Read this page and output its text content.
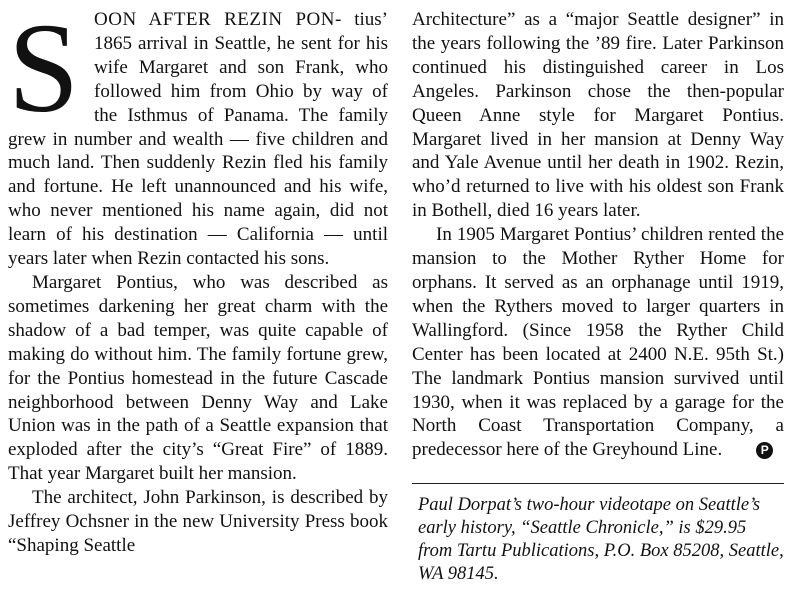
SOON AFTER REZIN PON- tius’ 1865 arrival in Seattle, he sent for his wife Margaret and son Frank, who followed him from Ohio by way of the Isthmus of Panama. The family grew in number and wealth — five children and much land. Then suddenly Rezin fled his family and fortune. He left unannounced and his wife, who never mentioned his name again, did not learn of his destination — California — until years later when Rezin contacted his sons.

Margaret Pontius, who was described as sometimes darkening her great charm with the shadow of a bad temper, was quite capable of making do without him. The family fortune grew, for the Pontius homestead in the future Cascade neighborhood between Denny Way and Lake Union was in the path of a Seattle expansion that exploded after the city’s “Great Fire” of 1889. That year Margaret built her mansion.

The architect, John Parkinson, is described by Jeffrey Ochsner in the new University Press book “Shaping Seattle

Architecture” as a “major Seattle designer” in the years following the ’89 fire. Later Parkinson continued his distinguished career in Los Angeles. Parkinson chose the then-popular Queen Anne style for Margaret Pontius. Margaret lived in her mansion at Denny Way and Yale Avenue until her death in 1902. Rezin, who’d returned to live with his oldest son Frank in Bothell, died 16 years later.

In 1905 Margaret Pontius’ children rented the mansion to the Mother Ryther Home for orphans. It served as an orphanage until 1919, when the Rythers moved to larger quarters in Wallingford. (Since 1958 the Ryther Child Center has been located at 2400 N.E. 95th St.) The landmark Pontius mansion survived until 1930, when it was replaced by a garage for the North Coast Transportation Company, a predecessor here of the Greyhound Line.	P

Paul Dorpat’s two-hour videotape on Seattle’s early history, “Seattle Chronicle,” is $29.95 from Tartu Publications, P.O. Box 85208, Seattle, WA 98145.
